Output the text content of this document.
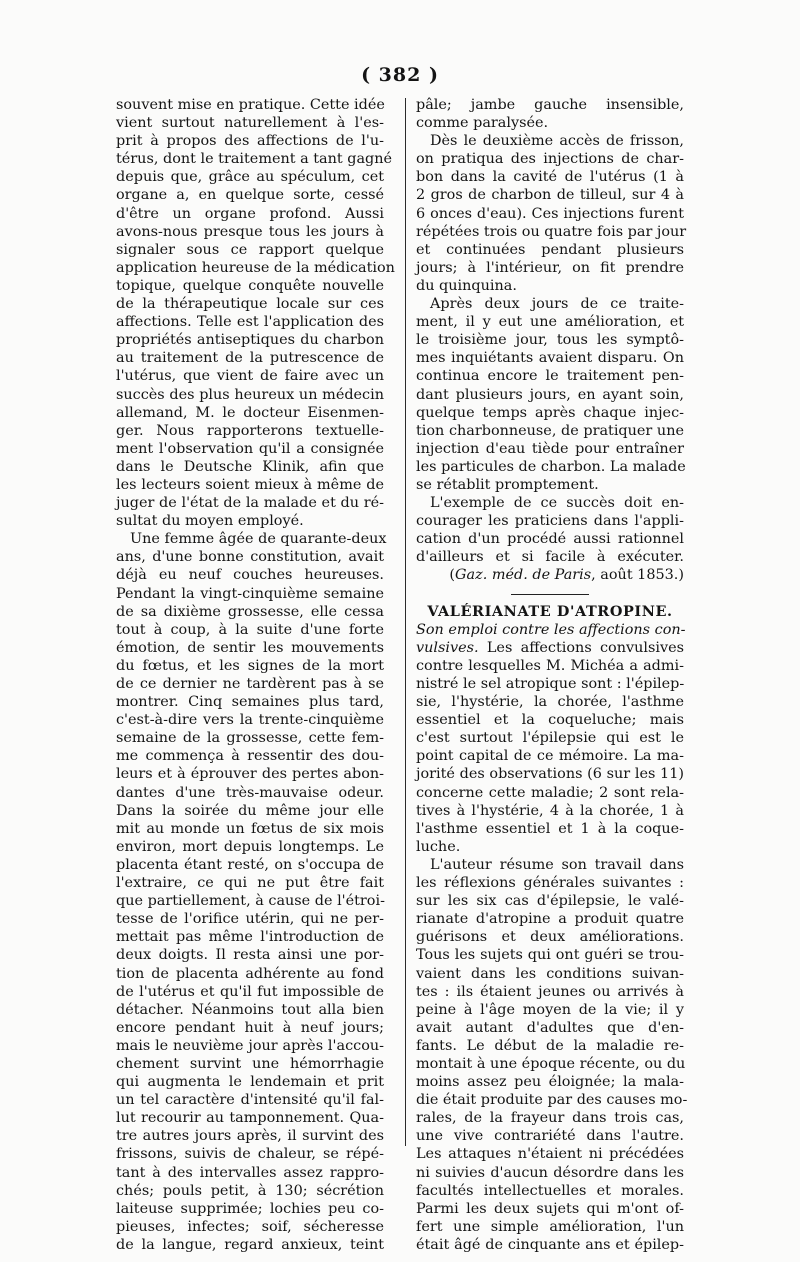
( 382 )
souvent mise en pratique. Cette idée
vient surtout naturellement à l'es-
prit à propos des affections de l'u-
térus, dont le traitement a tant gagné
depuis que, grâce au spéculum, cet
organe a, en quelque sorte, cessé
d'être un organe profond. Aussi
avons-nous presque tous les jours à
signaler sous ce rapport quelque
application heureuse de la médication
topique, quelque conquête nouvelle
de la thérapeutique locale sur ces
affections. Telle est l'application des
propriétés antiseptiques du charbon
au traitement de la putrescence de
l'utérus, que vient de faire avec un
succès des plus heureux un médecin
allemand, M. le docteur Eisenmen-
ger. Nous rapporterons textuelle-
ment l'observation qu'il a consignée
dans le Deutsche Klinik, afin que
les lecteurs soient mieux à même de
juger de l'état de la malade et du ré-
sultat du moyen employé.
Une femme âgée de quarante-deux
ans, d'une bonne constitution, avait
déjà eu neuf couches heureuses.
Pendant la vingt-cinquième semaine
de sa dixième grossesse, elle cessa
tout à coup, à la suite d'une forte
émotion, de sentir les mouvements
du fœtus, et les signes de la mort
de ce dernier ne tardèrent pas à se
montrer. Cinq semaines plus tard,
c'est-à-dire vers la trente-cinquième
semaine de la grossesse, cette fem-
me commença à ressentir des dou-
leurs et à éprouver des pertes abon-
dantes d'une très-mauvaise odeur.
Dans la soirée du même jour elle
mit au monde un fœtus de six mois
environ, mort depuis longtemps. Le
placenta étant resté, on s'occupa de
l'extraire, ce qui ne put être fait
que partiellement, à cause de l'étroi-
tesse de l'orifice utérin, qui ne per-
mettait pas même l'introduction de
deux doigts. Il resta ainsi une por-
tion de placenta adhérente au fond
de l'utérus et qu'il fut impossible de
détacher. Néanmoins tout alla bien
encore pendant huit à neuf jours;
mais le neuvième jour après l'accou-
chement survint une hémorrhagie
qui augmenta le lendemain et prit
un tel caractère d'intensité qu'il fal-
lut recourir au tamponnement. Qua-
tre autres jours après, il survint des
frissons, suivis de chaleur, se répé-
tant à des intervalles assez rappro-
chés; pouls petit, à 130; sécrétion
laiteuse supprimée; lochies peu co-
pieuses, infectes; soif, sécheresse
de la langue, regard anxieux, teint
pâle; jambe gauche insensible,
comme paralysée.
Dès le deuxième accès de frisson,
on pratiqua des injections de char-
bon dans la cavité de l'utérus (1 à
2 gros de charbon de tilleul, sur 4 à
6 onces d'eau). Ces injections furent
répétées trois ou quatre fois par jour
et continuées pendant plusieurs
jours; à l'intérieur, on fit prendre
du quinquina.
Après deux jours de ce traite-
ment, il y eut une amélioration, et
le troisième jour, tous les symptô-
mes inquiétants avaient disparu. On
continua encore le traitement pen-
dant plusieurs jours, en ayant soin,
quelque temps après chaque injec-
tion charbonneuse, de pratiquer une
injection d'eau tiède pour entraîner
les particules de charbon. La malade
se rétablit promptement.
L'exemple de ce succès doit en-
courager les praticiens dans l'appli-
cation d'un procédé aussi rationnel
d'ailleurs et si facile à exécuter.
(Gaz. méd. de Paris, août 1853.)
VALÉRIANATE D'ATROPINE.
Son emploi contre les affections con-
vulsives. Les affections convulsives
contre lesquelles M. Michéa a admi-
nistré le sel atropique sont : l'épilep-
sie, l'hystérie, la chorée, l'asthme
essentiel et la coqueluche; mais
c'est surtout l'épilepsie qui est le
point capital de ce mémoire. La ma-
jorité des observations (6 sur les 11)
concerne cette maladie; 2 sont rela-
tives à l'hystérie, 4 à la chorée, 1 à
l'asthme essentiel et 1 à la coque-
luche.
L'auteur résume son travail dans
les réflexions générales suivantes :
sur les six cas d'épilepsie, le valé-
rianate d'atropine a produit quatre
guérisons et deux améliorations.
Tous les sujets qui ont guéri se trou-
vaient dans les conditions suivan-
tes : ils étaient jeunes ou arrivés à
peine à l'âge moyen de la vie; il y
avait autant d'adultes que d'en-
fants. Le début de la maladie re-
montait à une époque récente, ou du
moins assez peu éloignée; la mala-
die était produite par des causes mo-
rales, de la frayeur dans trois cas,
une vive contrariété dans l'autre.
Les attaques n'étaient ni précédées
ni suivies d'aucun désordre dans les
facultés intellectuelles et morales.
Parmi les deux sujets qui m'ont of-
fert une simple amélioration, l'un
était âgé de cinquante ans et épilep-
